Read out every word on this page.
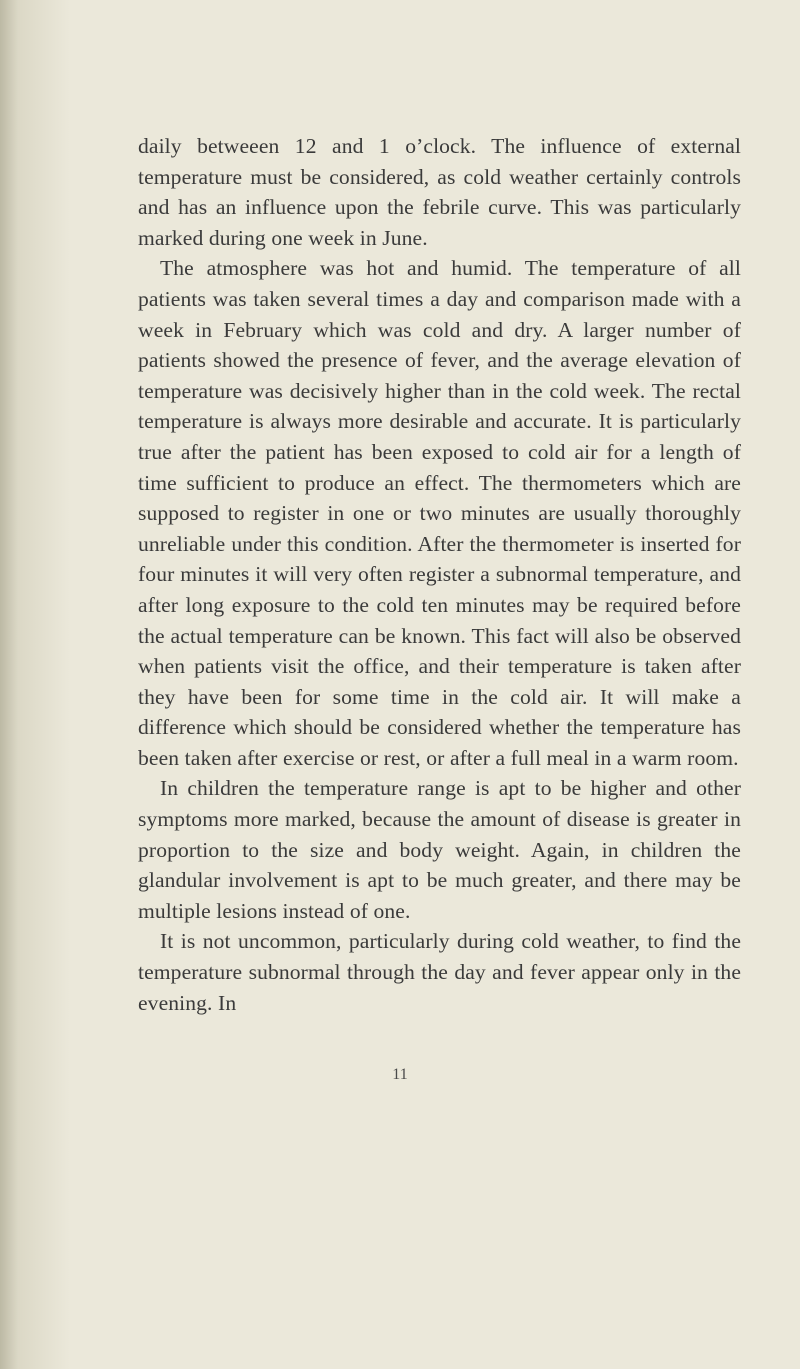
daily betweeen 12 and 1 o’clock. The influence of external temperature must be considered, as cold weather certainly controls and has an influence upon the febrile curve. This was particularly marked during one week in June.

The atmosphere was hot and humid. The temperature of all patients was taken several times a day and comparison made with a week in February which was cold and dry. A larger number of patients showed the presence of fever, and the average elevation of temperature was decisively higher than in the cold week. The rectal temperature is always more desirable and accurate. It is particularly true after the patient has been exposed to cold air for a length of time sufficient to produce an effect. The thermometers which are supposed to register in one or two minutes are usually thoroughly unreliable under this condition. After the thermometer is inserted for four minutes it will very often register a subnormal temperature, and after long exposure to the cold ten minutes may be required before the actual temperature can be known. This fact will also be observed when patients visit the office, and their temperature is taken after they have been for some time in the cold air. It will make a difference which should be considered whether the temperature has been taken after exercise or rest, or after a full meal in a warm room.

In children the temperature range is apt to be higher and other symptoms more marked, because the amount of disease is greater in proportion to the size and body weight. Again, in children the glandular involvement is apt to be much greater, and there may be multiple lesions instead of one.

It is not uncommon, particularly during cold weather, to find the temperature subnormal through the day and fever appear only in the evening. In

11
